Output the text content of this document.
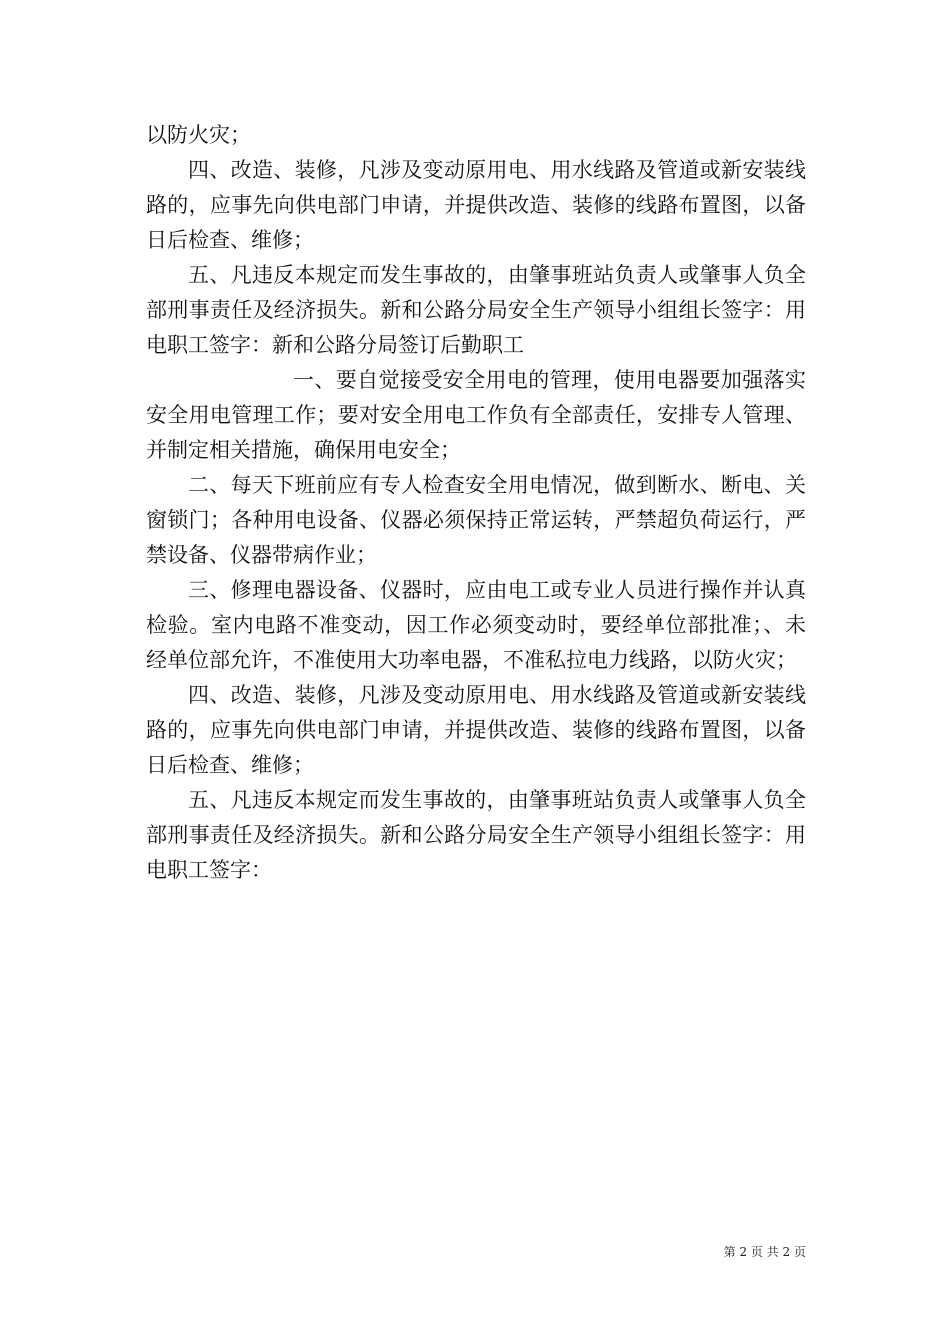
以防火灾；

四、改造、装修，凡涉及变动原用电、用水线路及管道或新安装线路的，应事先向供电部门申请，并提供改造、装修的线路布置图，以备日后检查、维修；

五、凡违反本规定而发生事故的，由肇事班站负责人或肇事人负全部刑事责任及经济损失。新和公路分局安全生产领导小组组长签字：用电职工签字：新和公路分局签订后勤职工

一、要自觉接受安全用电的管理，使用电器要加强落实安全用电管理工作；要对安全用电工作负有全部责任，安排专人管理、并制定相关措施，确保用电安全；

二、每天下班前应有专人检查安全用电情况，做到断水、断电、关窗锁门；各种用电设备、仪器必须保持正常运转，严禁超负荷运行，严禁设备、仪器带病作业；

三、修理电器设备、仪器时，应由电工或专业人员进行操作并认真检验。室内电路不准变动，因工作必须变动时，要经单位部批准；、未经单位部允许，不准使用大功率电器，不准私拉电力线路，以防火灾；

四、改造、装修，凡涉及变动原用电、用水线路及管道或新安装线路的，应事先向供电部门申请，并提供改造、装修的线路布置图，以备日后检查、维修；

五、凡违反本规定而发生事故的，由肇事班站负责人或肇事人负全部刑事责任及经济损失。新和公路分局安全生产领导小组组长签字：用电职工签字：

第 2 页 共 2 页
